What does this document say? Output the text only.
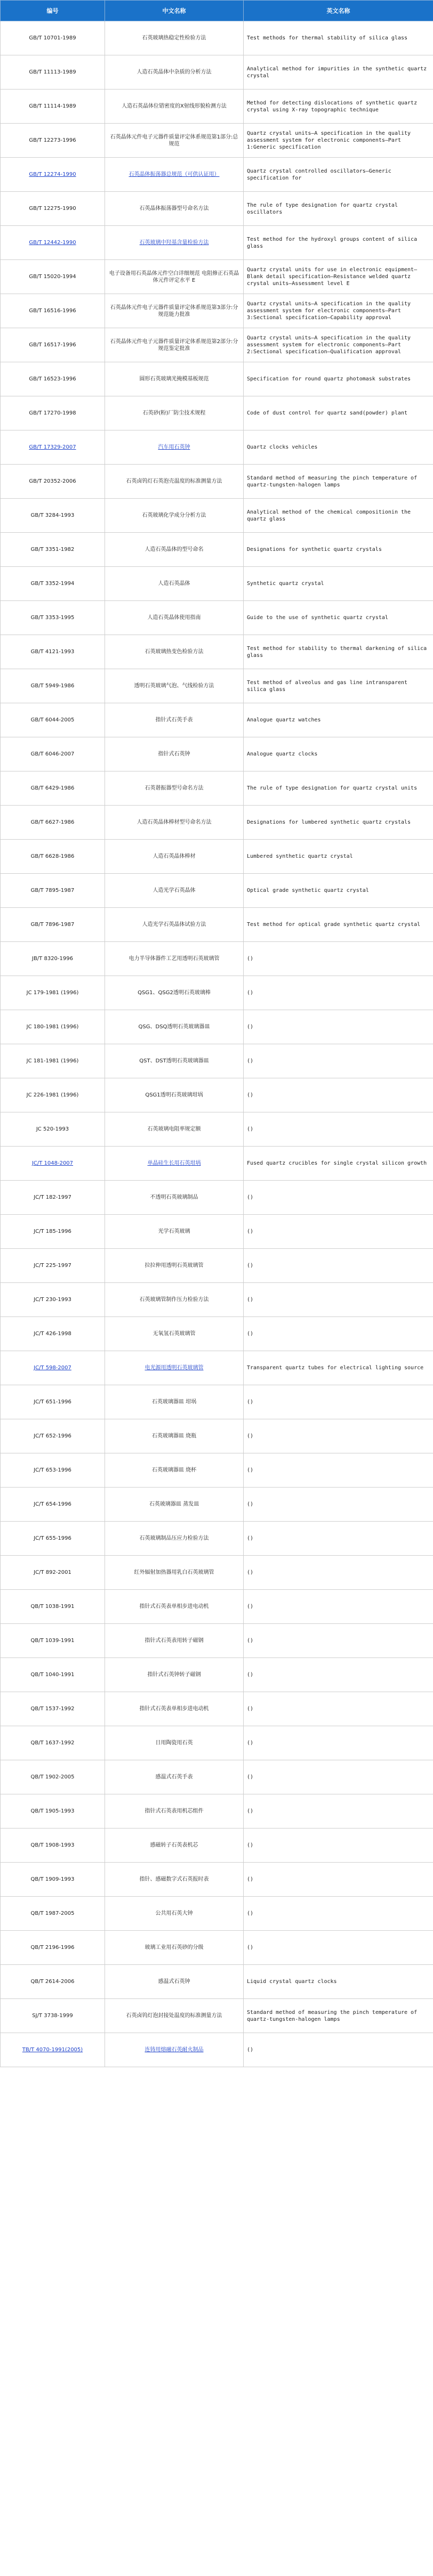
编号	中文名称	英文名称
GB/T 10701-1989	石英玻璃热稳定性检验方法	Test methods for thermal stability of silica glass
GB/T 11113-1989	人造石英晶体中杂质的分析方法	Analytical method for impurities in the synthetic quartz crystal
GB/T 11114-1989	人造石英晶体位错密度的X射线形貌检测方法	Method for detecting dislocations of synthetic quartz crystal using X-ray topographic technique
GB/T 12273-1996	石英晶体元件电子元器件质量评定体系规范第1部分:总规范	Quartz crystal units—A specification in the quality assessment system for electronic components—Part 1:Generic specification
GB/T 12274-1990	石英晶体振荡器总规范（可供认证用）	Quartz crystal controlled oscillators—Generic specification for
GB/T 12275-1990	石英晶体振荡器型号命名方法	The rule of type designation for quartz crystal oscillators
GB/T 12442-1990	石英玻璃中羟基含量检验方法	Test method for the hydroxyl groups content of silica glass
GB/T 15020-1994	电子设备用石英晶体元件空白详细规范 电阻修正石英晶体元件评定水平 E	Quartz crystal units for use in electronic equipment—Blank detail specification—Resistance welded quartz crystal units—Assessment level E
GB/T 16516-1996	石英晶体元件电子元器件质量评定体系规范第3部分:分规范能力批准	Quartz crystal units—A specification in the quality assessment system for electronic components—Part 3:Sectional specification—Capability approval
GB/T 16517-1996	石英晶体元件电子元器件质量评定体系规范第2部分:分规范鉴定批准	Quartz crystal units—A specification in the quality assessment system for electronic components—Part 2:Sectional specification—Qualification approval
GB/T 16523-1996	圆形石英玻璃光掩模基板规范	Specification for round quartz photomask substrates
GB/T 17270-1998	石英砂(粉)厂防尘技术规程	Code of dust control for quartz sand(powder) plant
GB/T 17329-2007	汽车用石英钟	Quartz clocks vehicles
GB/T 20352-2006	石英卤钨灯石英泡壳温度的标准测量方法	Standard method of measuring the pinch temperature of quartz-tungsten-halogen lamps
GB/T 3284-1993	石英玻璃化学成分分析方法	Analytical method of the chemical compositionin the quartz glass
GB/T 3351-1982	人造石英晶体的型号命名	Designations for synthetic quartz crystals
GB/T 3352-1994	人造石英晶体	Synthetic quartz crystal
GB/T 3353-1995	人造石英晶体使用指南	Guide to the use of synthetic quartz crystal
GB/T 4121-1993	石英玻璃热变色检验方法	Test method for stability to thermal darkening of silica glass
GB/T 5949-1986	透明石英玻璃气泡、气线检验方法	Test method of alveolus and gas line intransparent silica glass
GB/T 6044-2005	指针式石英手表	Analogue quartz watches
GB/T 6046-2007	指针式石英钟	Analogue quartz clocks
GB/T 6429-1986	石英谐振器型号命名方法	The rule of type designation for quartz crystal units
GB/T 6627-1986	人造石英晶体棒材型号命名方法	Designations for lumbered synthetic quartz crystals
GB/T 6628-1986	人造石英晶体棒材	Lumbered synthetic quartz crystal
GB/T 7895-1987	人造光学石英晶体	Optical grade synthetic quartz crystal
GB/T 7896-1987	人造光学石英晶体试验方法	Test method for optical grade synthetic quartz crystal
JB/T 8320-1996	电力半导体器件工艺用透明石英玻璃管	()
JC 179-1981 (1996)	QSG1、QSG2透明石英玻璃棒	()
JC 180-1981 (1996)	QSG、DSQ透明石英玻璃器皿	()
JC 181-1981 (1996)	QST、DST透明石英玻璃器皿	()
JC 226-1981 (1996)	QSG1透明石英玻璃坩埚	()
JC 520-1993	石英玻璃电阻率规定额	()
JC/T 1048-2007	单晶硅生长用石英坩埚	Fused quartz crucibles for single crystal silicon growth
JC/T 182-1997	不透明石英玻璃制品	()
JC/T 185-1996	光学石英玻璃	()
JC/T 225-1997	拉拉伸用透明石英玻璃管	()
JC/T 230-1993	石英玻璃管制作压力检验方法	()
JC/T 426-1998	无氧氢石英玻璃管	()
JC/T 598-2007	电光源用透明石英玻璃管	Transparent quartz tubes for electrical lighting source
JC/T 651-1996	石英玻璃器皿 坩埚	()
JC/T 652-1996	石英玻璃器皿 烧瓶	()
JC/T 653-1996	石英玻璃器皿 烧杯	()
JC/T 654-1996	石英玻璃器皿 蒸发皿	()
JC/T 655-1996	石英玻璃制品压应力检验方法	()
JC/T 892-2001	红外辐射加热器用乳白石英玻璃管	()
QB/T 1038-1991	指针式石英表单相步进电动机	()
QB/T 1039-1991	指针式石英表用转子磁钢	()
QB/T 1040-1991	指针式石英钟转子磁钢	()
QB/T 1537-1992	指针式石英表单相步进电动机	()
QB/T 1637-1992	日用陶瓷用石英	()
QB/T 1902-2005	感温式石英手表	()
QB/T 1905-1993	指针式石英表用机芯组件	()
QB/T 1908-1993	感磁转子石英表机芯	()
QB/T 1909-1993	指针、感磁数字式石英报时表	()
QB/T 1987-2005	公共用石英大钟	()
QB/T 2196-1996	玻璃工业用石英砂的分级	()
QB/T 2614-2006	感温式石英钟	Liquid crystal quartz clocks
SJ/T 3738-1999	石英卤钨灯泡封接处温度的标准测量方法	Standard method of measuring the pinch temperature of quartz-tungsten-halogen lamps
TB/T 4070-1991(2005)	连铸用熔融石英耐火制品	()
